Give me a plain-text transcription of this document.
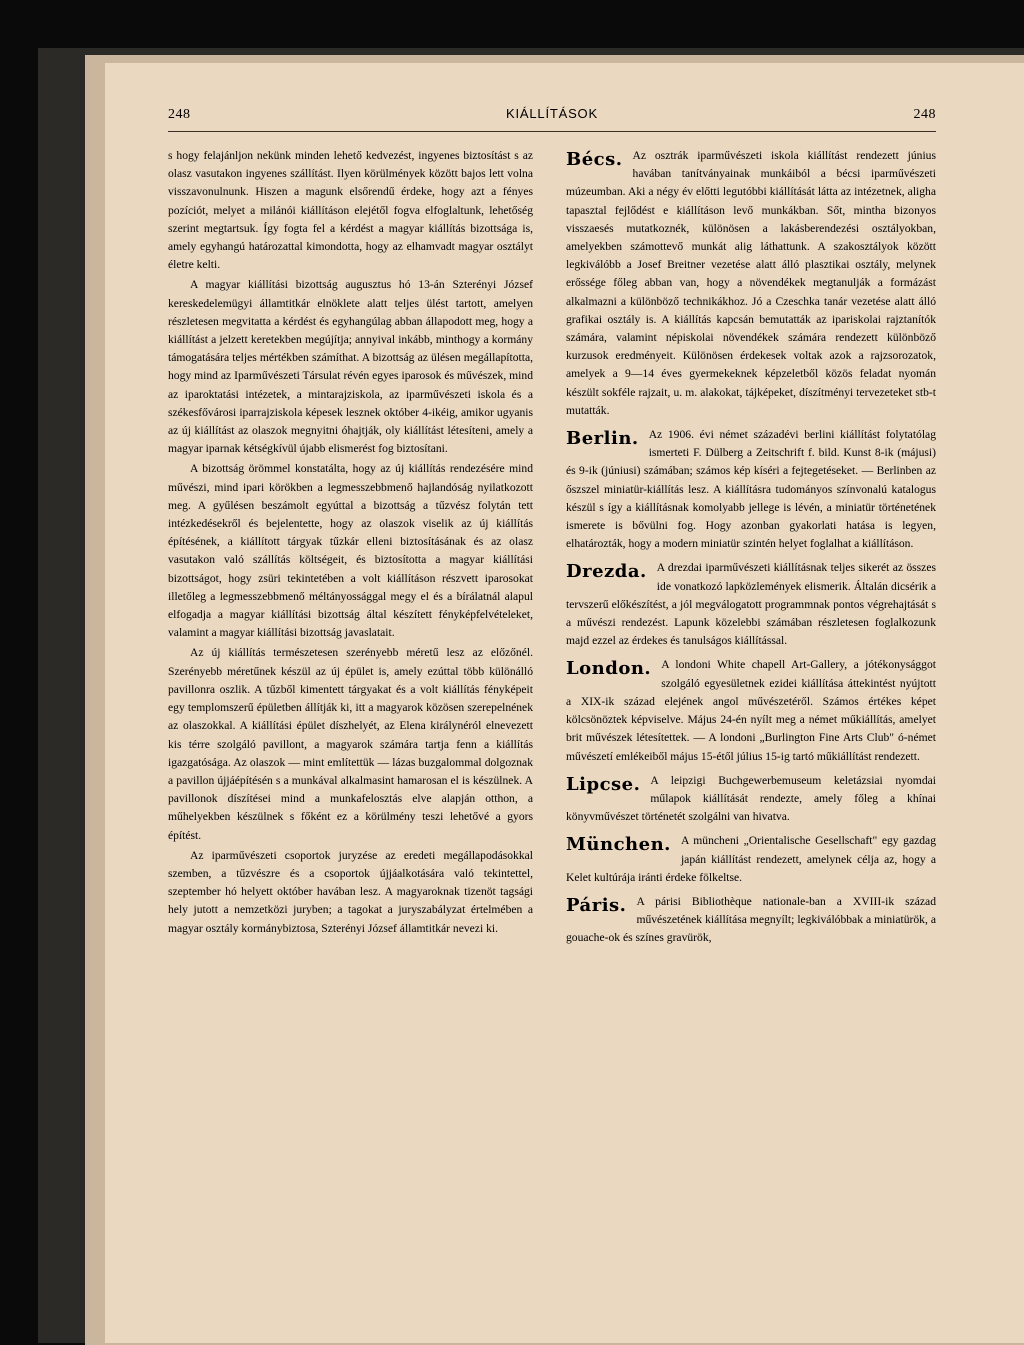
248	KIÁLLÍTÁSOK	248

s hogy felajánljon nekünk minden lehető kedvezést, ingyenes biztosítást s az olasz vasutakon ingyenes szállítást. Ilyen körülmények között bajos lett volna visszavonulnunk. Hiszen a magunk elsőrendű érdeke, hogy azt a fényes pozíciót, melyet a milánói kiállításon elejétől fogva elfoglaltunk, lehetőség szerint megtartsuk. Így fogta fel a kérdést a magyar kiállítás bizottsága is, amely egyhangú határozattal kimondotta, hogy az elhamvadt magyar osztályt életre kelti.

A magyar kiállítási bizottság augusztus hó 13-án Szterényi József kereskedelemügyi államtitkár elnöklete alatt teljes ülést tartott, amelyen részletesen megvitatta a kérdést és egyhangúlag abban állapodott meg, hogy a kiállítást a jelzett keretekben megújítja; annyival inkább, minthogy a kormány támogatására teljes mértékben számíthat. A bizottság az ülésen megállapította, hogy mind az Iparművészeti Társulat révén egyes iparosok és művészek, mind az iparoktatási intézetek, a mintarajziskola, az iparművészeti iskola és a székesfővárosi iparrajziskola képesek lesznek október 4-ikéig, amikor ugyanis az új kiállítást az olaszok megnyitni óhajtják, oly kiállítást létesíteni, amely a magyar iparnak kétségkívül újabb elismerést fog biztosítani.

A bizottság örömmel konstatálta, hogy az új kiállítás rendezésére mind művészi, mind ipari körökben a legmesszebbmenő hajlandóság nyilatkozott meg. A gyűlésen beszámolt egyúttal a bizottság a tűzvész folytán tett intézkedésekről és bejelentette, hogy az olaszok viselik az új kiállítás építésének, a kiállított tárgyak tűzkár elleni biztosításának és az olasz vasutakon való szállítás költségeit, és biztosította a magyar kiállítási bizottságot, hogy zsüri tekintetében a volt kiállításon részvett iparosokat illetőleg a legmesszebbmenő méltányossággal megy el és a bírálatnál alapul elfogadja a magyar kiállítási bizottság által készített fényképfelvételeket, valamint a magyar kiállítási bizottság javaslatait.

Az új kiállítás természetesen szerényebb méretű lesz az előzőnél. Szerényebb méretűnek készül az új épület is, amely ezúttal több különálló pavillonra oszlik. A tűzből kimentett tárgyakat és a volt kiállítás fényképeit egy templomszerű épületben állítják ki, itt a magyarok közösen szerepelnének az olaszokkal. A kiállítási épület díszhelyét, az Elena királynéról elnevezett kis térre szolgáló pavillont, a magyarok számára tartja fenn a kiállítás igazgatósága. Az olaszok — mint említettük — lázas buzgalommal dolgoznak a pavillon újjáépítésén s a munkával alkalmasint hamarosan el is készülnek. A pavillonok díszítései mind a munkafelosztás elve alapján otthon, a műhelyekben készülnek s főként ez a körülmény teszi lehetővé a gyors építést.

Az iparművészeti csoportok juryzése az eredeti megállapodásokkal szemben, a tűzvészre és a csoportok újjáalkotására való tekintettel, szeptember hó helyett október havában lesz. A magyaroknak tizenöt tagsági hely jutott a nemzetközi juryben; a tagokat a juryszabályzat értelmében a magyar osztály kormánybiztosa, Szterényi József államtitkár nevezi ki.

Bécs. Az osztrák iparművészeti iskola kiállítást rendezett június havában tanítványainak munkáiból a bécsi iparművészeti múzeumban. Aki a négy év előtti legutóbbi kiállítását látta az intézetnek, aligha tapasztal fejlődést e kiállításon levő munkákban. Sőt, mintha bizonyos visszaesés mutatkoznék, különösen a lakásberendezési osztályokban, amelyekben számottevő munkát alig láthattunk. A szakosztályok között legkiválóbb a Josef Breitner vezetése alatt álló plasztikai osztály, melynek erőssége főleg abban van, hogy a növendékek megtanulják a formázást alkalmazni a különböző technikákhoz. Jó a Czeschka tanár vezetése alatt álló grafikai osztály is. A kiállítás kapcsán bemutatták az ipariskolai rajztanítók számára, valamint népiskolai növendékek számára rendezett különböző kurzusok eredményeit. Különösen érdekesek voltak azok a rajzsorozatok, amelyek a 9—14 éves gyermekeknek képzeletből közös feladat nyomán készült sokféle rajzait, u. m. alakokat, tájképeket, díszítményi tervezeteket stb-t mutatták.
Berlin. Az 1906. évi német századévi berlini kiállítást folytatólag ismerteti F. Dülberg a Zeitschrift f. bild. Kunst 8-ik (májusi) és 9-ik (júniusi) számában; számos kép kíséri a fejtegetéseket. — Berlinben az őszszel miniatür-kiállítás lesz. A kiállításra tudományos színvonalú katalogus készül s így a kiállításnak komolyabb jellege is lévén, a miniatür történetének ismerete is bővülni fog. Hogy azonban gyakorlati hatása is legyen, elhatározták, hogy a modern miniatür szintén helyet foglalhat a kiállításon.
Drezda. A drezdai iparművészeti kiállításnak teljes sikerét az összes ide vonatkozó lapközlemények elismerik. Általán dicsérik a tervszerű előkészítést, a jól megválogatott programmnak pontos végrehajtását s a művészi rendezést. Lapunk közelebbi számában részletesen foglalkozunk majd ezzel az érdekes és tanulságos kiállítással.
London. A londoni White chapell Art-Gallery, a jótékonysággot szolgáló egyesületnek ezidei kiállítása áttekintést nyújtott a XIX-ik század elejének angol művészetéről. Számos értékes képet kölcsönöztek képviselve. Május 24-én nyílt meg a német műkiállítás, amelyet brit művészek létesítettek. — A londoni „Burlington Fine Arts Club" ó-német művészetí emlékeiből május 15-étől július 15-ig tartó műkiállítást rendezett.
Lipcse. A leipzigi Buchgewerbemuseum keletázsiai nyomdai műlapok kiállítását rendezte, amely főleg a khínai könyvművészet történetét szolgálni van hivatva.
München. A müncheni „Orientalische Gesellschaft" egy gazdag japán kiállítást rendezett, amelynek célja az, hogy a Kelet kultúrája iránti érdeke fölkeltse.
Páris. A párisi Bibliothèque nationale-ban a XVIII-ik század művészetének kiállítása megnyílt; legkiválóbbak a miniatürök, a gouache-ok és színes gravürök,
